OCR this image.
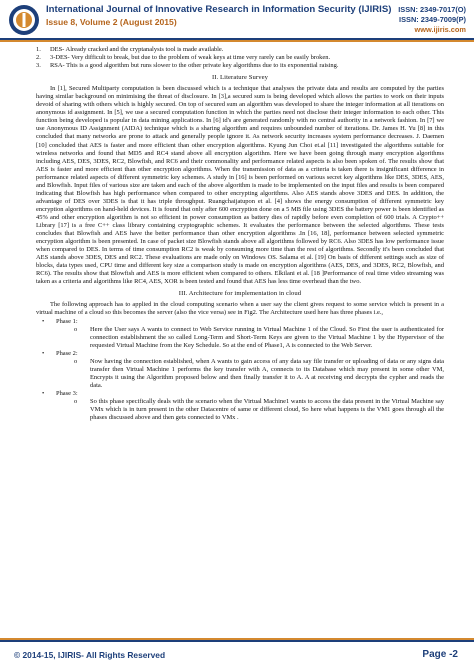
International Journal of Innovative Research in Information Security (IJIRIS)
Issue 8, Volume 2 (August 2015)
ISSN: 2349-7017(O)
ISSN: 2349-7009(P)
www.ijiris.com
1.	DES- Already cracked and the cryptanalysis tool is made available.
2.	3-DES- Very difficult to break, but due to the problem of weak keys at time very rarely can be easily broken.
3.	RSA- This is a good algorithm but runs slower to the other private key algorithms due to its exponential raising.
II. Literature Survey

In [1], Secured Multiparty computation is been discussed which is a technique that analyses the private data and results are computed by the parties having similar background on minimising the threat of disclosure. In [3],a secured sum is being developed which allows the parties to work on their inputs devoid of sharing with others which is highly secured. On top of secured sum an algorithm was developed to share the integer information at all iterations on anonymous id assignment. In [5], we use a secured computation function in which the parties need not disclose their integer information to each other. This function being developed is popular in data mining applications. In [6] id's are generated randomly with no central authority in a network fashion. In [7] we use Anonymous ID Assignment (AIDA) technique which is a sharing algorithm and requires unbounded number of iterations. Dr. James H. Yu [8] in this concluded that many networks are prone to attack and generally people ignore it. As network security increases system performance decreases. J. Daemen [10] concluded that AES is faster and more efficient than other encryption algorithms. Kyung Jun Choi et.al [11] investigated the algorithms suitable for wireless networks and found that MD5 and RC4 stand above all encryption algorithm. Here we have been going through many encryption algorithms including AES, DES, 3DES, RC2, Blowfish, and RC6 and their commonality and performance related aspects is also been spoken of. The results show that AES is faster and more efficient than other encryption algorithms. When the transmission of data as a criteria is taken there is insignificant difference in performance related aspects of different symmetric key schemes. A study in [16] is been performed on various secret key algorithms like DES, 3DES, AES, and Blowfish. Input files of various size are taken and each of the above algorithm is made to be implemented on the input files and results is been compared indicating that Blowfish has high performance when compared to other encrypting algorithms. Also AES stands above 3DES and DES. In addition, the advantage of DES over 3DES is that it has triple throughput. Ruangchaijatupon et al. [4] shows the energy consumption of different symmetric key encryption algorithms on hand-held devices. It is found that only after 600 encryption done on a 5 MB file using 3DES the battery power is been identified as 45% and other encryption algorithm is not so efficient in power consumption as battery dies of rapidly before even completion of 600 trials. A Crypto++ Library [17] is a free C++ class library containing cryptographic schemes. It evaluates the performance between the selected algorithms. These tests concludes that Blowfish and AES have the better performance than other encryption algorithms .In [16, 18], performance between selected symmetric encryption algorithm is been presented. In case of packet size Blowfish stands above all algorithms followed by RC6. Also 3DES has low performance issue when compared to DES. In terms of time consumption RC2 is weak by consuming more time than the rest of algorithms. Secondly it's been concluded that AES stands above 3DES, DES and RC2. These evaluations are made only on Windows OS. Salama et al. [19] On basis of different settings such as size of blocks, data types used, CPU time and different key size a comparison study is made on encryption algorithms (AES, DES, and 3DES, RC2, Blowfish, and RC6). The results show that Blowfish and AES is more efficient when compared to others. Elkilani et al. [18 ]Performance of real time video streaming was taken as a criteria and algorithms like RC4, AES, XOR is been tested and found that AES has less time overhead than the two.

III. Architecture for implementation in cloud

The following approach has to applied in the cloud computing scenario when a user say the client gives request to some service which is present in a virtual machine of a cloud so this becomes the server (also the vice versa) see in Fig2. The Architecture used here has three phases i.e.,

•	Phase 1:
o	Here the User says A wants to connect to Web Service running in Virtual Machine 1 of the Cloud. So First the user is authenticated for connection establishment the so called Long-Term and Short-Term Keys are given to the Virtual Machine 1 by the Hypervisor of the requested Virtual Machine from the Key Schedule. So at the end of Phase1, A is connected to the Web Server.
•	Phase 2:
o	Now having the connection established, when A wants to gain access of any data say file transfer or uploading of data or any signs data transfer then Virtual Machine 1 performs the key transfer with A, connects to its Database which may present in some other VM, Encrypts it using the Algorithm proposed below and then finally transfer it to A. A at receiving end decrypts the cypher and reads the data.
•	Phase 3:
o	So this phase specifically deals with the scenario when the Virtual Machine1 wants to access the data present in the Virtual Machine say VMx which is in turn present in the other Datacentre of same or different cloud, So here what happens is the VM1 goes through all the phases discussed above and then gets connected to VMx .
© 2014-15, IJIRIS- All Rights Reserved	Page -2
